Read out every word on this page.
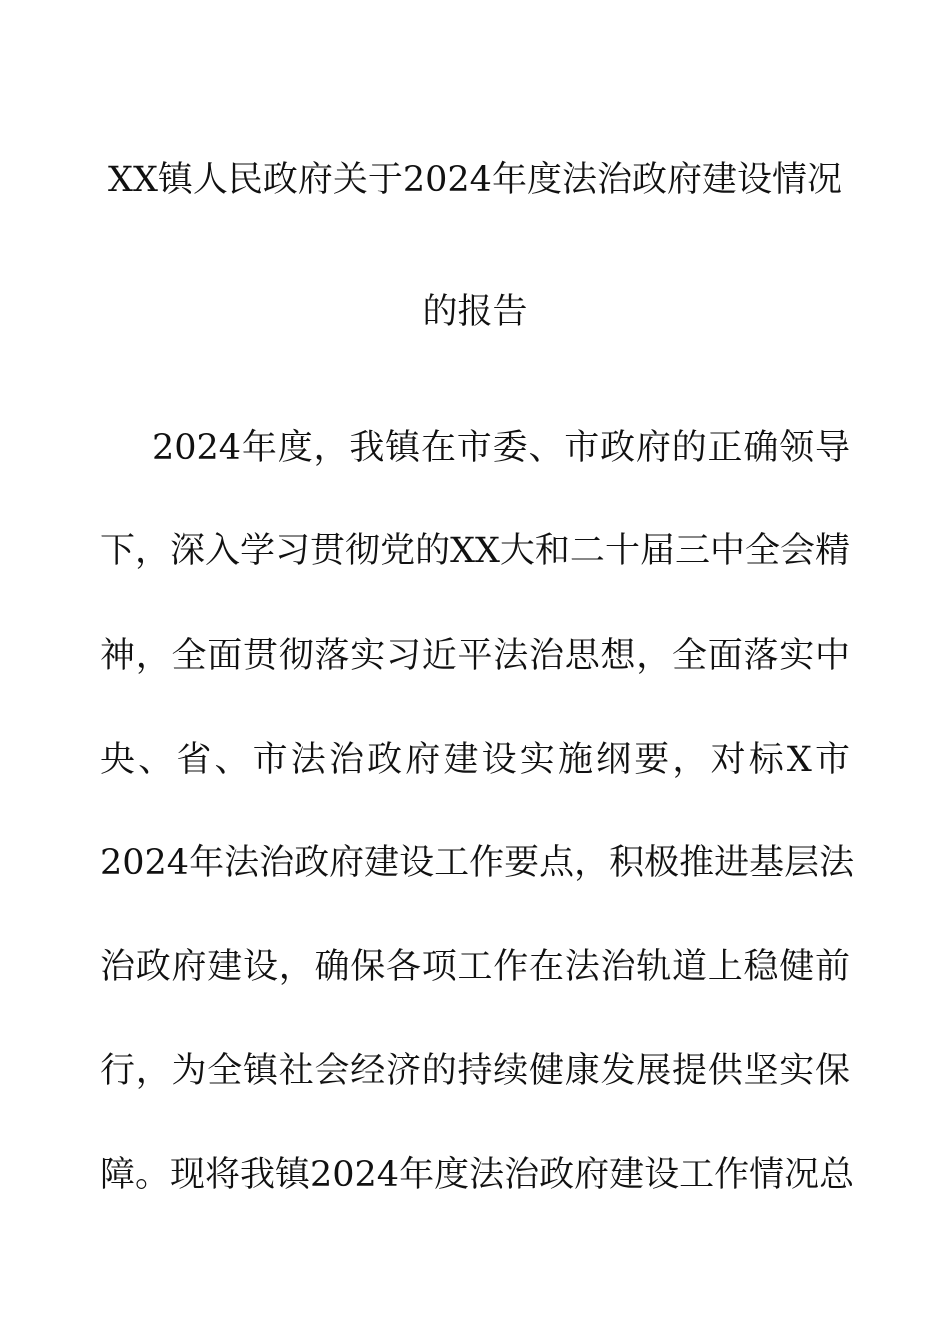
XX镇人民政府关于2024年度法治政府建设情况
的报告
2024年度，我镇在市委、市政府的正确领导
下，深入学习贯彻党的XX大和二十届三中全会精
神，全面贯彻落实习近平法治思想，全面落实中
央、省、市法治政府建设实施纲要，对标X市
2024年法治政府建设工作要点，积极推进基层法
治政府建设，确保各项工作在法治轨道上稳健前
行，为全镇社会经济的持续健康发展提供坚实保
障。现将我镇2024年度法治政府建设工作情况总
